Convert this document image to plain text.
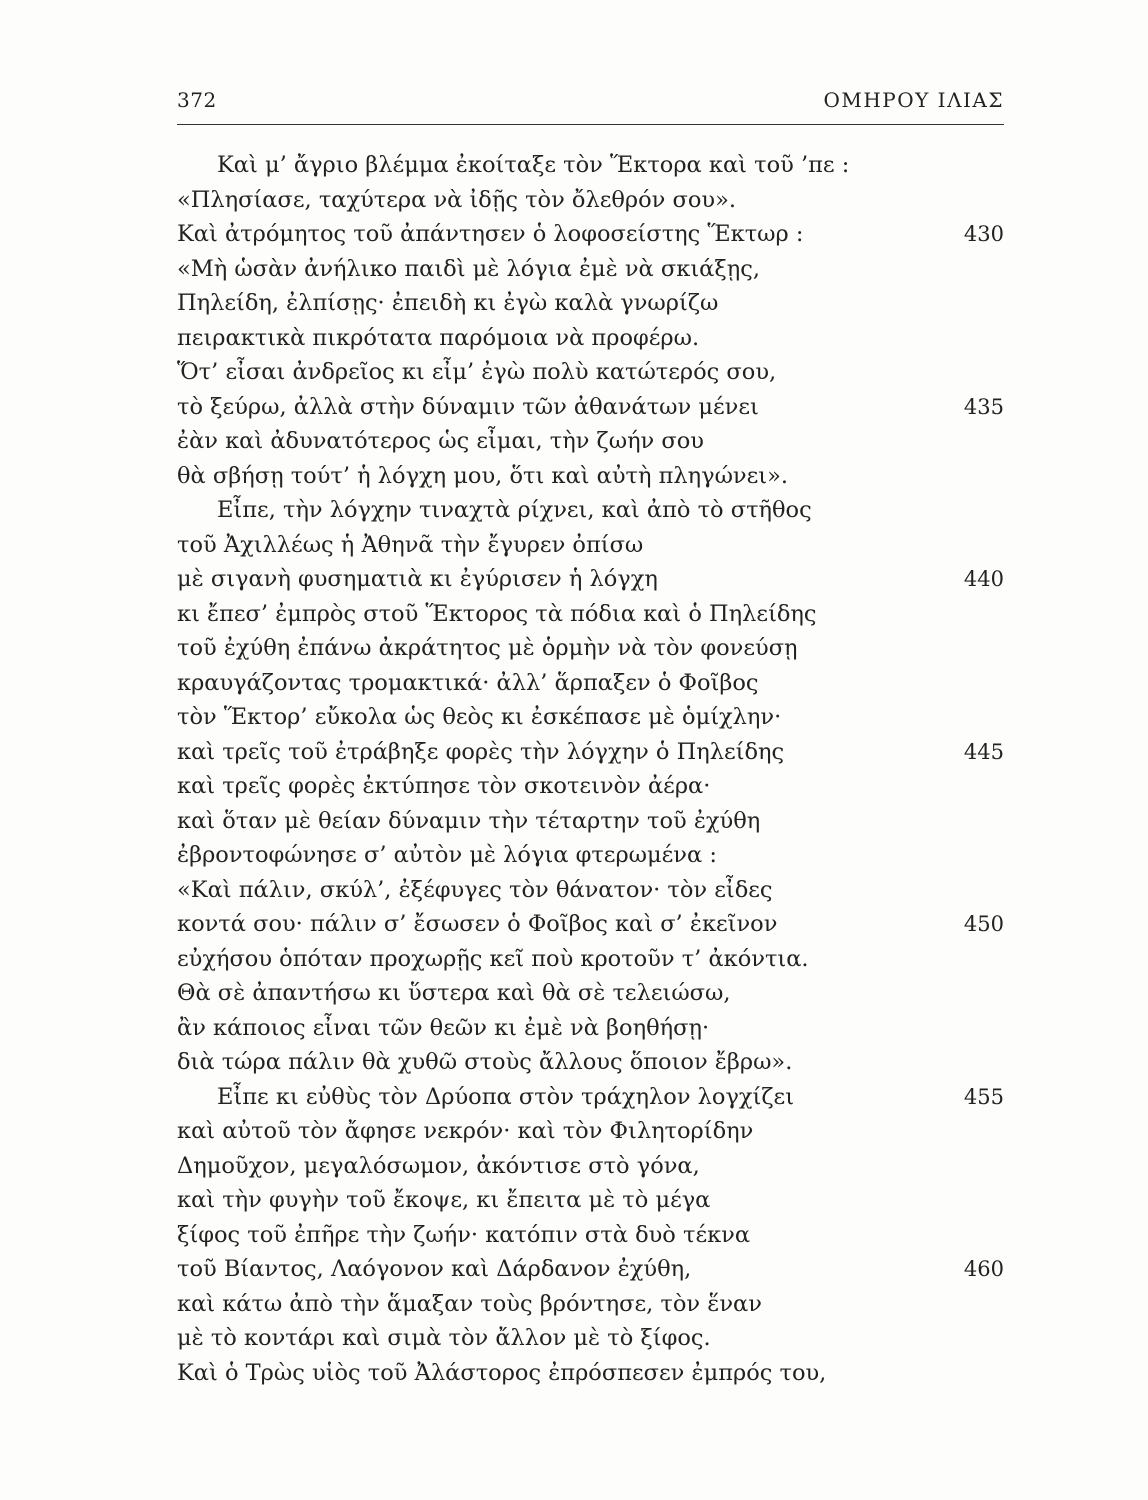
372	ΟΜΗΡΟΥ ΙΛΙΑΣ
Καὶ μ’ ἄγριο βλέμμα ἐκοίταξε τὸν Ἕκτορα καὶ τοῦ ’πε :
«Πλησίασε, ταχύτερα νὰ ἰδῇς τὸν ὄλεθρόν σου».
Καὶ ἀτρόμητος τοῦ ἀπάντησεν ὁ λοφοσείστης Ἕκτωρ :	430
«Μὴ ὡσὰν ἀνήλικο παιδὶ μὲ λόγια ἐμὲ νὰ σκιάξῃς,
Πηλείδη, ἐλπίσῃς· ἐπειδὴ κι ἐγὼ καλὰ γνωρίζω
πειρακτικὰ πικρότατα παρόμοια νὰ προφέρω.
Ὅτ’ εἶσαι ἀνδρεῖος κι εἶμ’ ἐγὼ πολὺ κατώτερός σου,
τὸ ξεύρω, ἀλλὰ στὴν δύναμιν τῶν ἀθανάτων μένει	435
ἐὰν καὶ ἀδυνατότερος ὡς εἶμαι, τὴν ζωήν σου
θὰ σβήσῃ τούτ’ ἡ λόγχη μου, ὅτι καὶ αὐτὴ πληγώνει».
Εἶπε, τὴν λόγχην τιναχτὰ ρίχνει, καὶ ἀπὸ τὸ στῆθος
τοῦ Ἀχιλλέως ἡ Ἀθηνᾶ τὴν ἔγυρεν ὀπίσω
μὲ σιγανὴ φυσηματιὰ κι ἐγύρισεν ἡ λόγχη	440
κι ἔπεσ’ ἐμπρὸς στοῦ Ἕκτορος τὰ πόδια καὶ ὁ Πηλείδης
τοῦ ἐχύθη ἐπάνω ἀκράτητος μὲ ὁρμὴν νὰ τὸν φονεύσῃ
κραυγάζοντας τρομακτικά· ἀλλ’ ἅρπαξεν ὁ Φοῖβος
τὸν Ἕκτορ’ εὔκολα ὡς θεὸς κι ἐσκέπασε μὲ ὁμίχλην·
καὶ τρεῖς τοῦ ἐτράβηξε φορὲς τὴν λόγχην ὁ Πηλείδης	445
καὶ τρεῖς φορὲς ἐκτύπησε τὸν σκοτεινὸν ἀέρα·
καὶ ὅταν μὲ θείαν δύναμιν τὴν τέταρτην τοῦ ἐχύθη
ἐβροντοφώνησε σ’ αὐτὸν μὲ λόγια φτερωμένα :
«Καὶ πάλιν, σκύλ’, ἐξέφυγες τὸν θάνατον· τὸν εἶδες
κοντά σου· πάλιν σ’ ἔσωσεν ὁ Φοῖβος καὶ σ’ ἐκεῖνον	450
εὐχήσου ὁπόταν προχωρῇς κεῖ ποὺ κροτοῦν τ’ ἀκόντια.
Θὰ σὲ ἀπαντήσω κι ὕστερα καὶ θὰ σὲ τελειώσω,
ἂν κάποιος εἶναι τῶν θεῶν κι ἐμὲ νὰ βοηθήσῃ·
διὰ τώρα πάλιν θὰ χυθῶ στοὺς ἄλλους ὅποιον ἔβρω».
Εἶπε κι εὐθὺς τὸν Δρύοπα στὸν τράχηλον λογχίζει	455
καὶ αὐτοῦ τὸν ἄφησε νεκρόν· καὶ τὸν Φιλητορίδην
Δημοῦχον, μεγαλόσωμον, ἀκόντισε στὸ γόνα,
καὶ τὴν φυγὴν τοῦ ἔκοψε, κι ἔπειτα μὲ τὸ μέγα
ξίφος τοῦ ἐπῆρε τὴν ζωήν· κατόπιν στὰ δυὸ τέκνα
τοῦ Βίαντος, Λαόγονον καὶ Δάρδανον ἐχύθη,	460
καὶ κάτω ἀπὸ τὴν ἅμαξαν τοὺς βρόντησε, τὸν ἕναν
μὲ τὸ κοντάρι καὶ σιμὰ τὸν ἄλλον μὲ τὸ ξίφος.
Καὶ ὁ Τρὼς υἱὸς τοῦ Ἀλάστορος ἐπρόσπεσεν ἐμπρός του,
